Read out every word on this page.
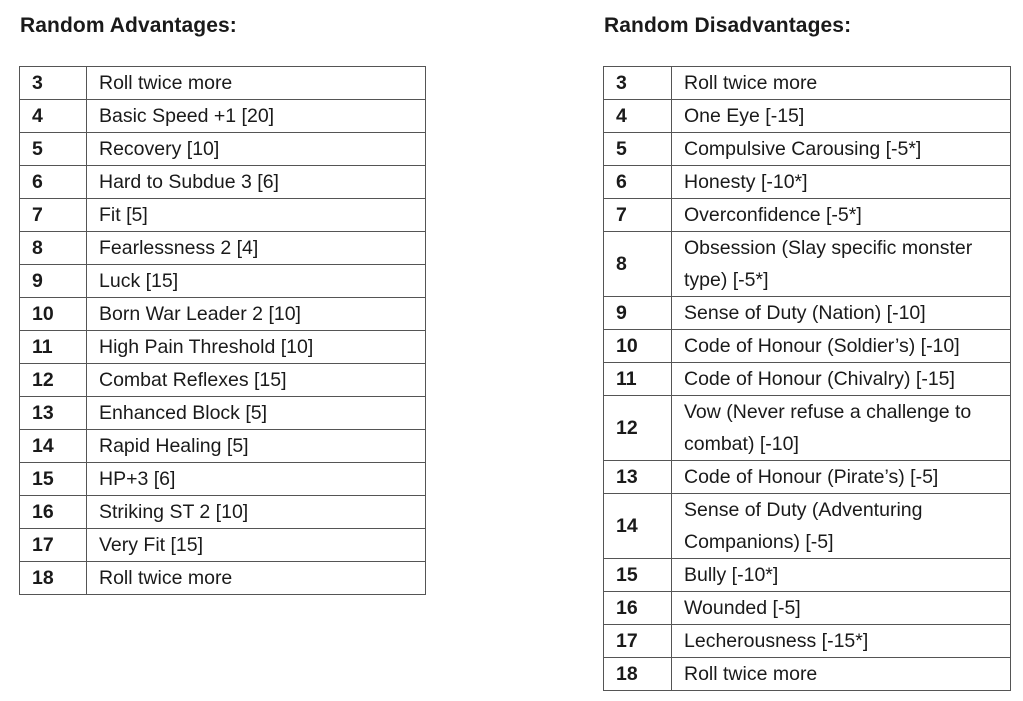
Random Advantages:
3	Roll twice more
4	Basic Speed +1 [20]
5	Recovery [10]
6	Hard to Subdue 3 [6]
7	Fit [5]
8	Fearlessness 2 [4]
9	Luck [15]
10	Born War Leader 2 [10]
11	High Pain Threshold [10]
12	Combat Reflexes [15]
13	Enhanced Block [5]
14	Rapid Healing [5]
15	HP+3 [6]
16	Striking ST 2 [10]
17	Very Fit [15]
18	Roll twice more
Random Disadvantages:
3	Roll twice more
4	One Eye [-15]
5	Compulsive Carousing [-5*]
6	Honesty [-10*]
7	Overconfidence [-5*]
8	Obsession (Slay specific monster type) [-5*]
9	Sense of Duty (Nation) [-10]
10	Code of Honour (Soldier’s) [-10]
11	Code of Honour (Chivalry) [-15]
12	Vow (Never refuse a challenge to combat) [-10]
13	Code of Honour (Pirate’s) [-5]
14	Sense of Duty (Adventuring Companions) [-5]
15	Bully [-10*]
16	Wounded [-5]
17	Lecherousness [-15*]
18	Roll twice more
